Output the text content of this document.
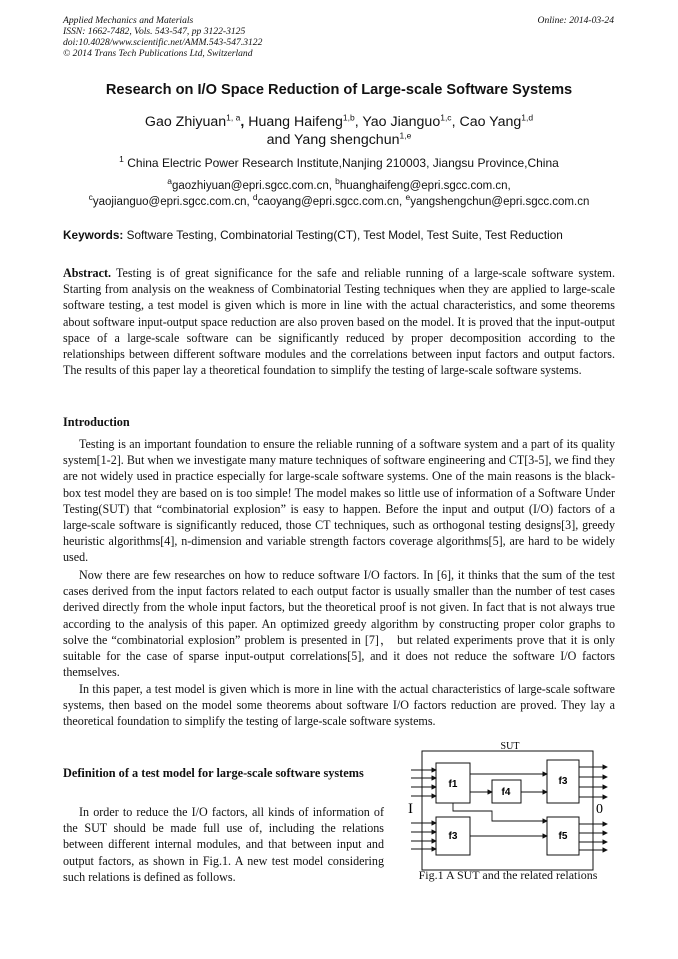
Applied Mechanics and Materials
ISSN: 1662-7482, Vols. 543-547, pp 3122-3125
doi:10.4028/www.scientific.net/AMM.543-547.3122
© 2014 Trans Tech Publications Ltd, Switzerland
Online: 2014-03-24
Research on I/O Space Reduction of Large-scale Software Systems
Gao Zhiyuan$^{1, a}$, Huang Haifeng$^{1,b}$, Yao Jianguo$^{1,c}$, Cao Yang$^{1,d}$
and Yang shengchun$^{1,e}$
$^1$ China Electric Power Research Institute,Nanjing 210003, Jiangsu Province,China
$^a$gaozhiyuan@epri.sgcc.com.cn, $^b$huanghaifeng@epri.sgcc.com.cn,
$^c$yaojianguo@epri.sgcc.com.cn, $^d$caoyang@epri.sgcc.com.cn, $^e$yangshengchun@epri.sgcc.com.cn
Keywords: Software Testing, Combinatorial Testing(CT), Test Model, Test Suite, Test Reduction
Abstract. Testing is of great significance for the safe and reliable running of a large-scale software system. Starting from analysis on the weakness of Combinatorial Testing techniques when they are applied to large-scale software testing, a test model is given which is more in line with the actual characteristics, and some theorems about software input-output space reduction are also proven based on the model. It is proved that the input-output space of a large-scale software can be significantly reduced by proper decomposition according to the relationships between different software modules and the correlations between input factors and output factors. The results of this paper lay a theoretical foundation to simplify the testing of large-scale software systems.
Introduction
Testing is an important foundation to ensure the reliable running of a software system and a part of its quality system[1-2]. But when we investigate many mature techniques of software engineering and CT[3-5], we find they are not widely used in practice especially for large-scale software systems. One of the main reasons is the black-box test model they are based on is too simple! The model makes so little use of information of a Software Under Testing(SUT) that “combinatorial explosion” is easy to happen. Before the input and output (I/O) factors of a large-scale software is significantly reduced, those CT techniques, such as orthogonal testing designs[3], greedy heuristic algorithms[4], n-dimension and variable strength factors coverage algorithms[5], are hard to be widely used.
Now there are few researches on how to reduce software I/O factors. In [6], it thinks that the sum of the test cases derived from the input factors related to each output factor is usually smaller than the number of test cases derived directly from the whole input factors, but the theoretical proof is not given. In fact that is not always true according to the analysis of this paper. An optimized greedy algorithm by constructing proper color graphs to solve the “combinatorial explosion” problem is presented in [7]， but related experiments prove that it is only suitable for the case of sparse input-output correlations[5], and it does not reduce the software I/O factors themselves.
In this paper, a test model is given which is more in line with the actual characteristics of large-scale software systems, then based on the model some theorems about software I/O factors reduction are proved. They lay a theoretical foundation to simplify the testing of large-scale software systems.
Definition of a test model for large-scale software systems
In order to reduce the I/O factors, all kinds of information of the SUT should be made full use of, including the relations between different internal modules, and that between input and output factors, as shown in Fig.1. A new test model considering such relations is defined as follows.
SUT
I	0
f1
f4
f3
f3	f5
Fig.1 A SUT and the related relations
